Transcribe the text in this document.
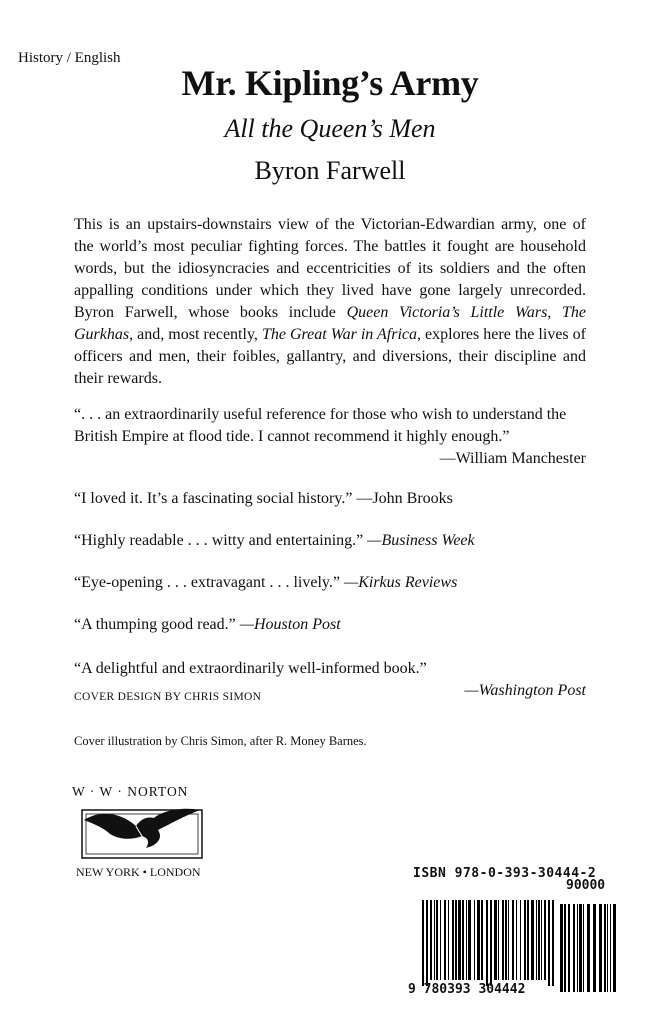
History / English
Mr. Kipling’s Army
All the Queen’s Men
Byron Farwell
This is an upstairs-downstairs view of the Victorian-Edwardian army, one of the world’s most peculiar fighting forces. The battles it fought are household words, but the idiosyncracies and eccentricities of its soldiers and the often appalling conditions under which they lived have gone largely unrecorded. Byron Farwell, whose books include Queen Victoria’s Little Wars, The Gurkhas, and, most recently, The Great War in Africa, explores here the lives of officers and men, their foibles, gallantry, and diversions, their discipline and their rewards.
“. . . an extraordinarily useful reference for those who wish to understand the British Empire at flood tide. I cannot recommend it highly enough.”
—William Manchester
“I loved it. It’s a fascinating social history.” —John Brooks
“Highly readable . . . witty and entertaining.” —Business Week
“Eye-opening . . . extravagant . . . lively.” —Kirkus Reviews
“A thumping good read.” —Houston Post
“A delightful and extraordinarily well-informed book.”
—Washington Post
COVER DESIGN BY CHRIS SIMON
Cover illustration by Chris Simon, after R. Money Barnes.
W · W · NORTON
NEW YORK • LONDON	ISBN 978-0-393-30444-2
90000
9 780393 304442
